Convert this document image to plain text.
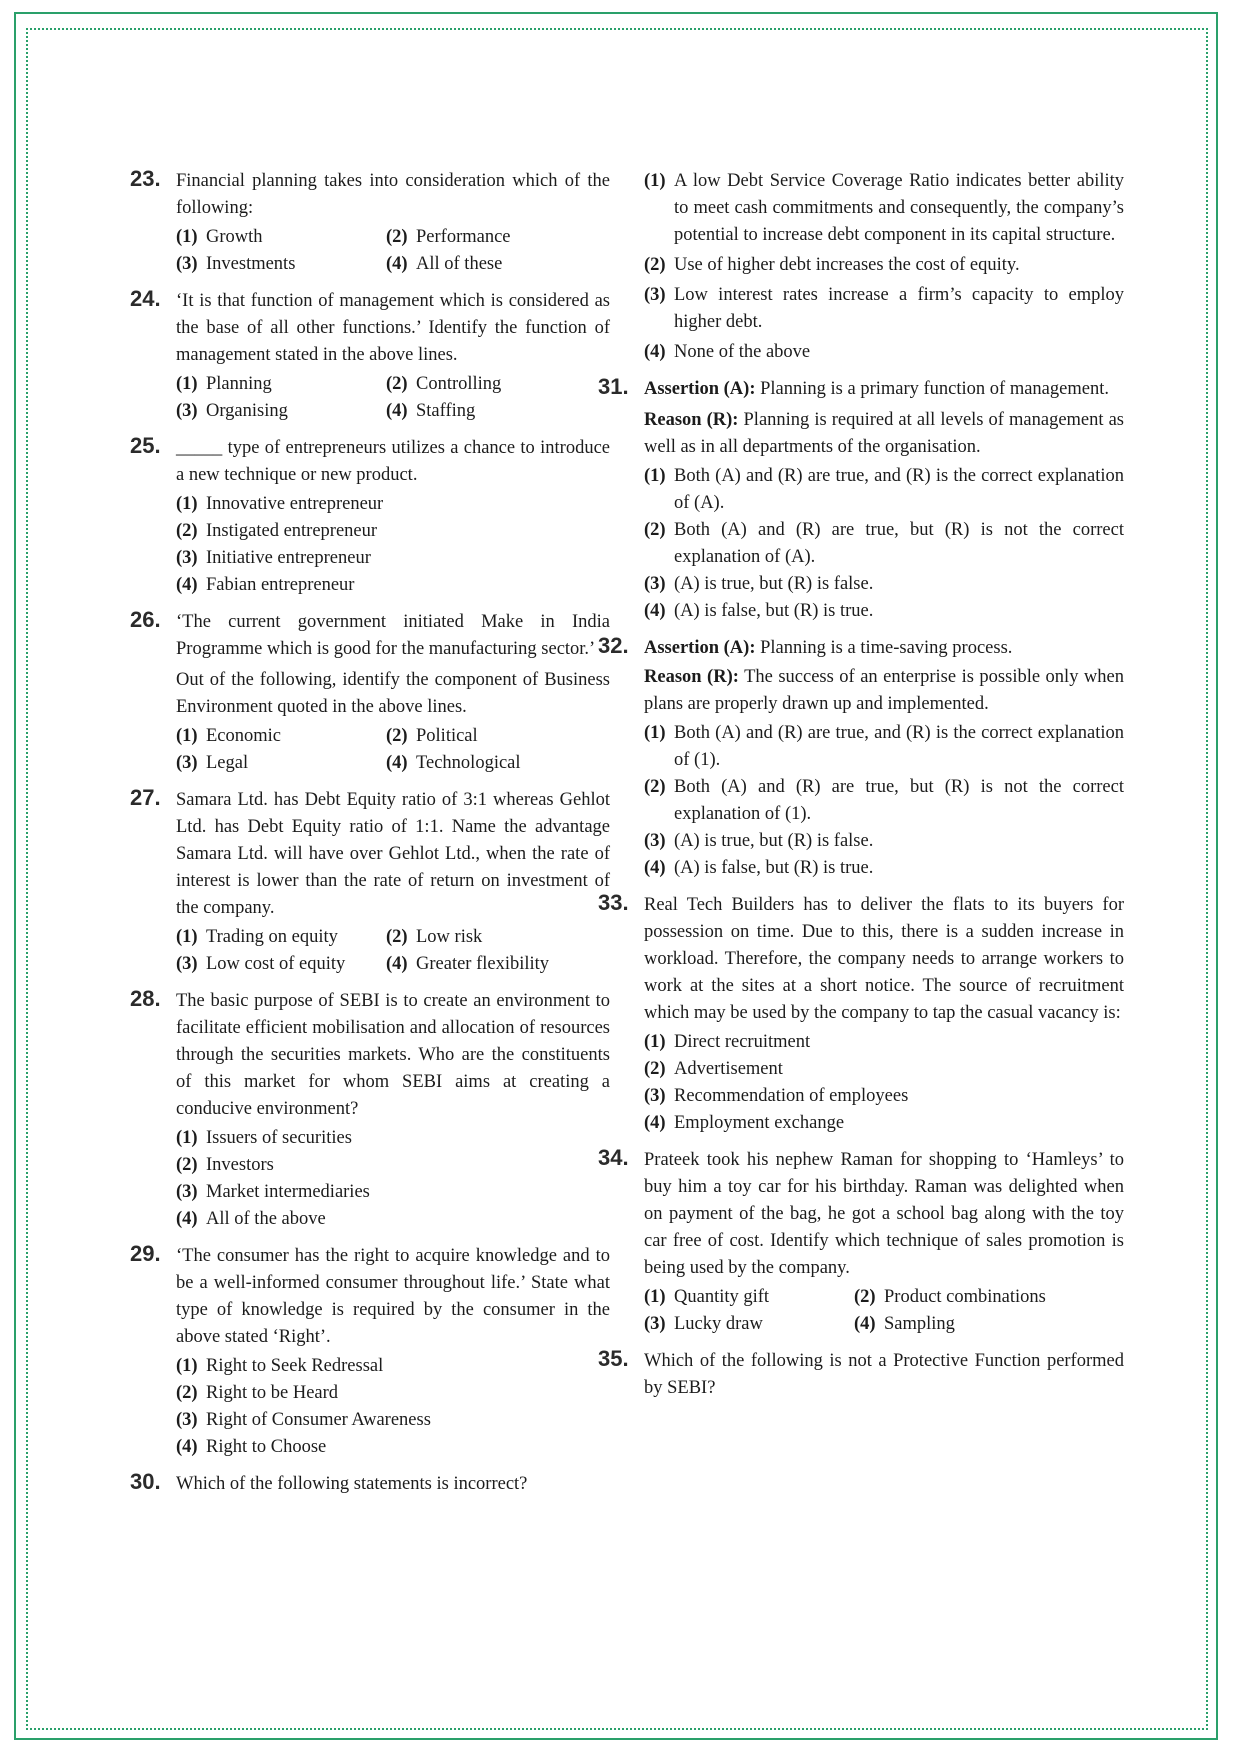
23. Financial planning takes into consideration which of the following:

(1) Growth	(2) Performance
(3) Investments	(4) All of these
24. ‘It is that function of management which is considered as the base of all other functions.’ Identify the function of management stated in the above lines.

(1) Planning	(2) Controlling
(3) Organising	(4) Staffing
25. _____ type of entrepreneurs utilizes a chance to introduce a new technique or new product.

(1) Innovative entrepreneur
(2) Instigated entrepreneur
(3) Initiative entrepreneur
(4) Fabian entrepreneur
26. ‘The current government initiated Make in India Programme which is good for the manufacturing sector.’

Out of the following, identify the component of Business Environment quoted in the above lines.

(1) Economic	(2) Political
(3) Legal	(4) Technological
27. Samara Ltd. has Debt Equity ratio of 3:1 whereas Gehlot Ltd. has Debt Equity ratio of 1:1. Name the advantage Samara Ltd. will have over Gehlot Ltd., when the rate of interest is lower than the rate of return on investment of the company.

(1) Trading on equity	(2) Low risk
(3) Low cost of equity	(4) Greater flexibility
28. The basic purpose of SEBI is to create an environment to facilitate efficient mobilisation and allocation of resources through the securities markets. Who are the constituents of this market for whom SEBI aims at creating a conducive environment?

(1) Issuers of securities
(2) Investors
(3) Market intermediaries
(4) All of the above
29. ‘The consumer has the right to acquire knowledge and to be a well-informed consumer throughout life.’ State what type of knowledge is required by the consumer in the above stated ‘Right’.

(1) Right to Seek Redressal
(2) Right to be Heard
(3) Right of Consumer Awareness
(4) Right to Choose
30. Which of the following statements is incorrect?

(1) A low Debt Service Coverage Ratio indicates better ability to meet cash commitments and consequently, the company’s potential to increase debt component in its capital structure.
(2) Use of higher debt increases the cost of equity.
(3) Low interest rates increase a firm’s capacity to employ higher debt.
(4) None of the above
31. Assertion (A): Planning is a primary function of management.

Reason (R): Planning is required at all levels of management as well as in all departments of the organisation.

(1) Both (A) and (R) are true, and (R) is the correct explanation of (A).
(2) Both (A) and (R) are true, but (R) is not the correct explanation of (A).
(3) (A) is true, but (R) is false.
(4) (A) is false, but (R) is true.
32. Assertion (A): Planning is a time-saving process.

Reason (R): The success of an enterprise is possible only when plans are properly drawn up and implemented.

(1) Both (A) and (R) are true, and (R) is the correct explanation of (1).
(2) Both (A) and (R) are true, but (R) is not the correct explanation of (1).
(3) (A) is true, but (R) is false.
(4) (A) is false, but (R) is true.
33. Real Tech Builders has to deliver the flats to its buyers for possession on time. Due to this, there is a sudden increase in workload. Therefore, the company needs to arrange workers to work at the sites at a short notice. The source of recruitment which may be used by the company to tap the casual vacancy is:

(1) Direct recruitment
(2) Advertisement
(3) Recommendation of employees
(4) Employment exchange
34. Prateek took his nephew Raman for shopping to ‘Hamleys’ to buy him a toy car for his birthday. Raman was delighted when on payment of the bag, he got a school bag along with the toy car free of cost. Identify which technique of sales promotion is being used by the company.

(1) Quantity gift	(2) Product combinations
(3) Lucky draw	(4) Sampling
35. Which of the following is not a Protective Function performed by SEBI?
